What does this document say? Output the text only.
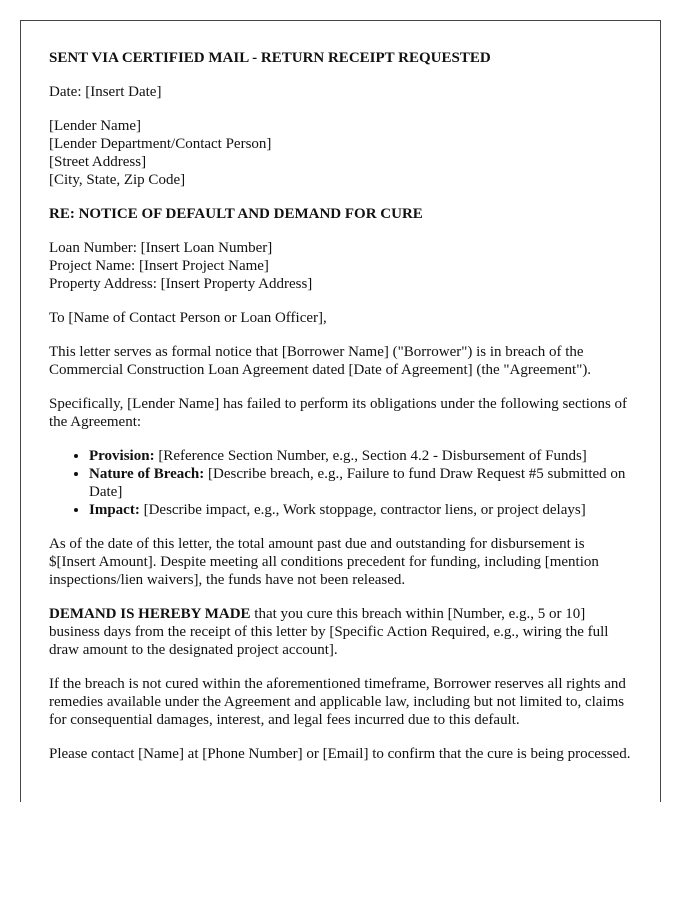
SENT VIA CERTIFIED MAIL - RETURN RECEIPT REQUESTED

Date: [Insert Date]

[Lender Name]
[Lender Department/Contact Person]
[Street Address]
[City, State, Zip Code]

RE: NOTICE OF DEFAULT AND DEMAND FOR CURE

Loan Number: [Insert Loan Number]
Project Name: [Insert Project Name]
Property Address: [Insert Property Address]

To [Name of Contact Person or Loan Officer],

This letter serves as formal notice that [Borrower Name] ("Borrower") is in breach of the Commercial Construction Loan Agreement dated [Date of Agreement] (the "Agreement").

Specifically, [Lender Name] has failed to perform its obligations under the following sections of the Agreement:

• Provision: [Reference Section Number, e.g., Section 4.2 - Disbursement of Funds]
• Nature of Breach: [Describe breach, e.g., Failure to fund Draw Request #5 submitted on Date]
• Impact: [Describe impact, e.g., Work stoppage, contractor liens, or project delays]

As of the date of this letter, the total amount past due and outstanding for disbursement is $[Insert Amount]. Despite meeting all conditions precedent for funding, including [mention inspections/lien waivers], the funds have not been released.

DEMAND IS HEREBY MADE that you cure this breach within [Number, e.g., 5 or 10] business days from the receipt of this letter by [Specific Action Required, e.g., wiring the full draw amount to the designated project account].

If the breach is not cured within the aforementioned timeframe, Borrower reserves all rights and remedies available under the Agreement and applicable law, including but not limited to, claims for consequential damages, interest, and legal fees incurred due to this default.

Please contact [Name] at [Phone Number] or [Email] to confirm that the cure is being processed.
